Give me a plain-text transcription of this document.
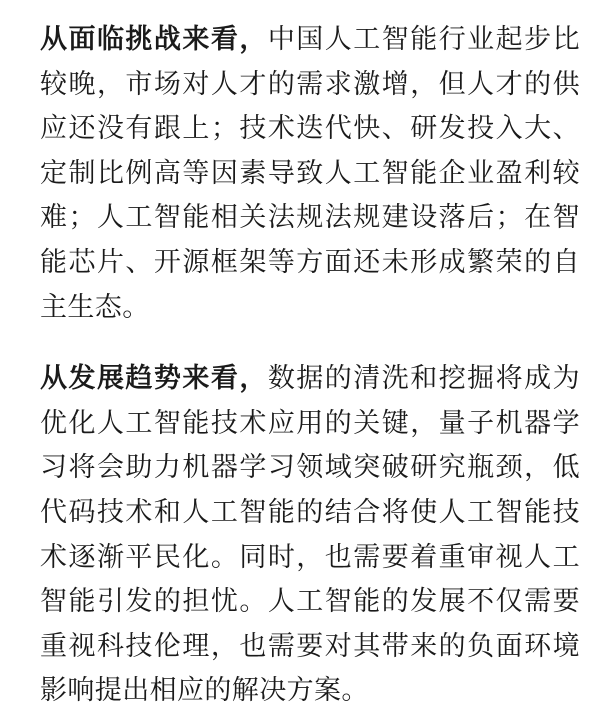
从面临挑战来看，中国人工智能行业起步比较晚，市场对人才的需求激增，但人才的供应还没有跟上；技术迭代快、研发投入大、定制比例高等因素导致人工智能企业盈利较难；人工智能相关法规法规建设落后；在智能芯片、开源框架等方面还未形成繁荣的自主生态。

从发展趋势来看，数据的清洗和挖掘将成为优化人工智能技术应用的关键，量子机器学习将会助力机器学习领域突破研究瓶颈，低代码技术和人工智能的结合将使人工智能技术逐渐平民化。同时，也需要着重审视人工智能引发的担忧。人工智能的发展不仅需要重视科技伦理，也需要对其带来的负面环境影响提出相应的解决方案。
